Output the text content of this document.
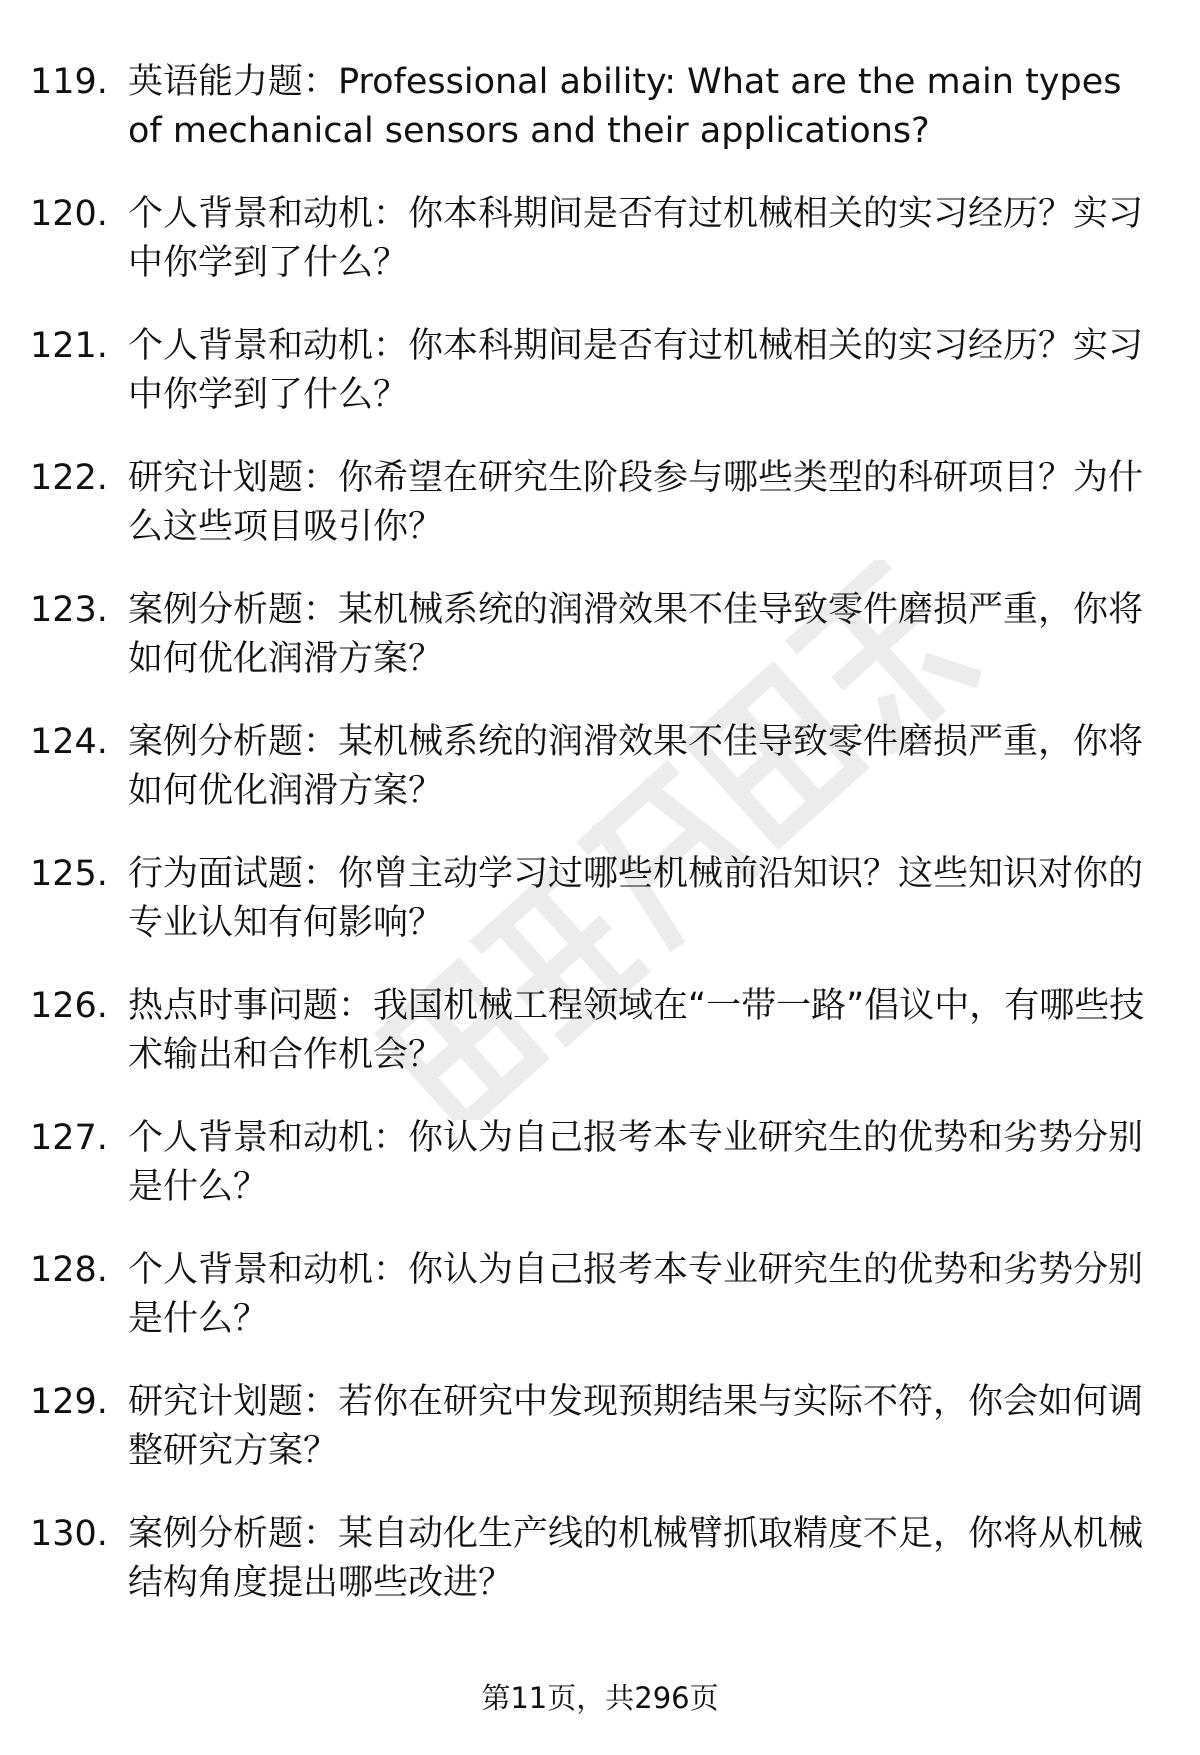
119. 英语能力题：Professional ability: What are the main types of mechanical sensors and their applications?
120. 个人背景和动机：你本科期间是否有过机械相关的实习经历？实习中你学到了什么？
121. 个人背景和动机：你本科期间是否有过机械相关的实习经历？实习中你学到了什么？
122. 研究计划题：你希望在研究生阶段参与哪些类型的科研项目？为什么这些项目吸引你？
123. 案例分析题：某机械系统的润滑效果不佳导致零件磨损严重，你将如何优化润滑方案？
124. 案例分析题：某机械系统的润滑效果不佳导致零件磨损严重，你将如何优化润滑方案？
125. 行为面试题：你曾主动学习过哪些机械前沿知识？这些知识对你的专业认知有何影响？
126. 热点时事问题：我国机械工程领域在“一带一路”倡议中，有哪些技术输出和合作机会？
127. 个人背景和动机：你认为自己报考本专业研究生的优势和劣势分别是什么？
128. 个人背景和动机：你认为自己报考本专业研究生的优势和劣势分别是什么？
129. 研究计划题：若你在研究中发现预期结果与实际不符，你会如何调整研究方案？
130. 案例分析题：某自动化生产线的机械臂抓取精度不足，你将从机械结构角度提出哪些改进？
第11页，共296页
